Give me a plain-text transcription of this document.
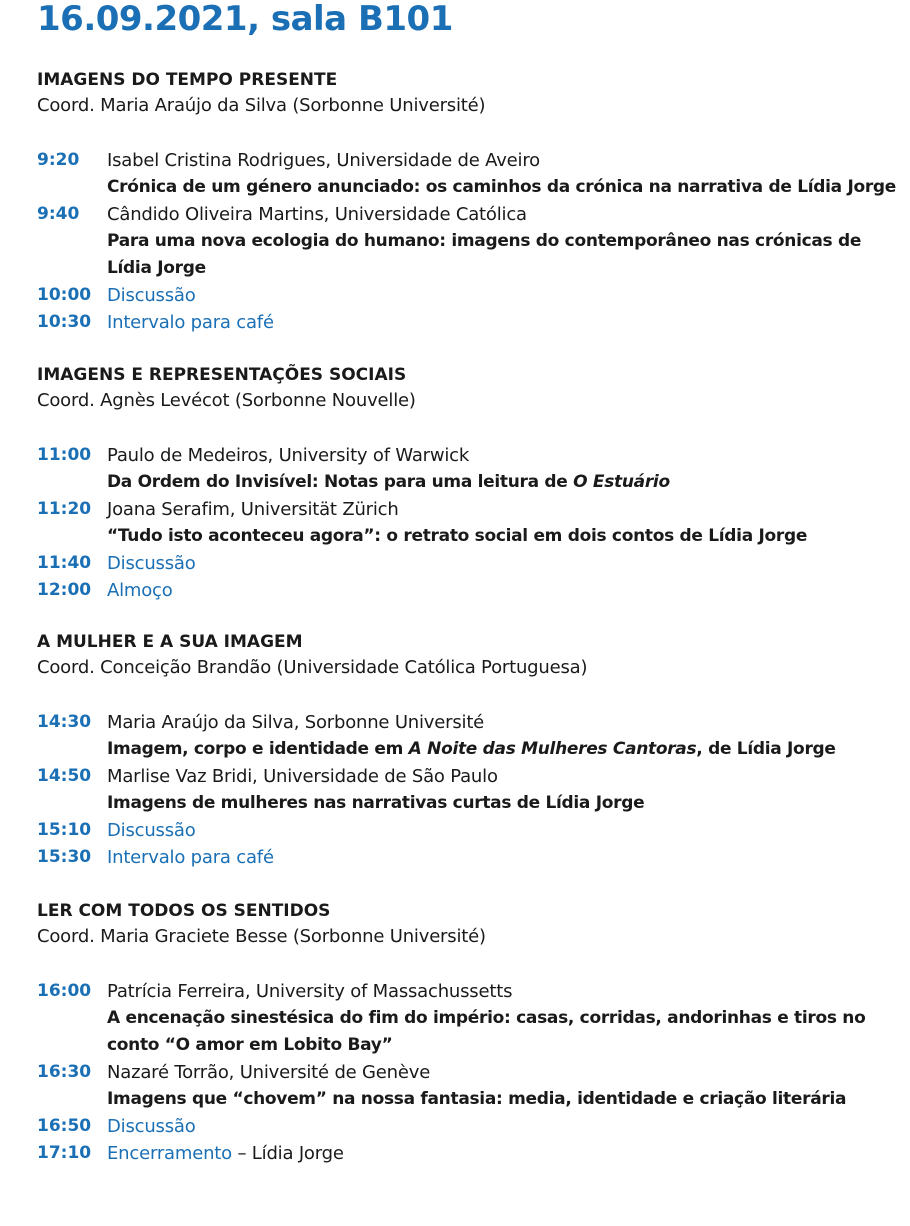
16.09.2021, sala B101
IMAGENS DO TEMPO PRESENTE
Coord. Maria Araújo da Silva (Sorbonne Université)
9:20	Isabel Cristina Rodrigues, Universidade de Aveiro
Crónica de um género anunciado: os caminhos da crónica na narrativa de Lídia Jorge
9:40	Cândido Oliveira Martins, Universidade Católica
Para uma nova ecologia do humano: imagens do contemporâneo nas crónicas de Lídia Jorge
10:00 Discussão
10:30 Intervalo para café
IMAGENS E REPRESENTAÇÕES SOCIAIS
Coord. Agnès Levécot (Sorbonne Nouvelle)
11:00 Paulo de Medeiros, University of Warwick
Da Ordem do Invisível: Notas para uma leitura de O Estuário
11:20 Joana Serafim, Universität Zürich
“Tudo isto aconteceu agora”: o retrato social em dois contos de Lídia Jorge
11:40 Discussão
12:00 Almoço
A MULHER E A SUA IMAGEM
Coord. Conceição Brandão (Universidade Católica Portuguesa)
14:30 Maria Araújo da Silva, Sorbonne Université
Imagem, corpo e identidade em A Noite das Mulheres Cantoras, de Lídia Jorge
14:50 Marlise Vaz Bridi, Universidade de São Paulo
Imagens de mulheres nas narrativas curtas de Lídia Jorge
15:10 Discussão
15:30 Intervalo para café
LER COM TODOS OS SENTIDOS
Coord. Maria Graciete Besse (Sorbonne Université)
16:00 Patrícia Ferreira, University of Massachussetts
A encenação sinestésica do fim do império: casas, corridas, andorinhas e tiros no conto “O amor em Lobito Bay”
16:30 Nazaré Torrão, Université de Genève
Imagens que “chovem” na nossa fantasia: media, identidade e criação literária
16:50 Discussão
17:10 Encerramento – Lídia Jorge
